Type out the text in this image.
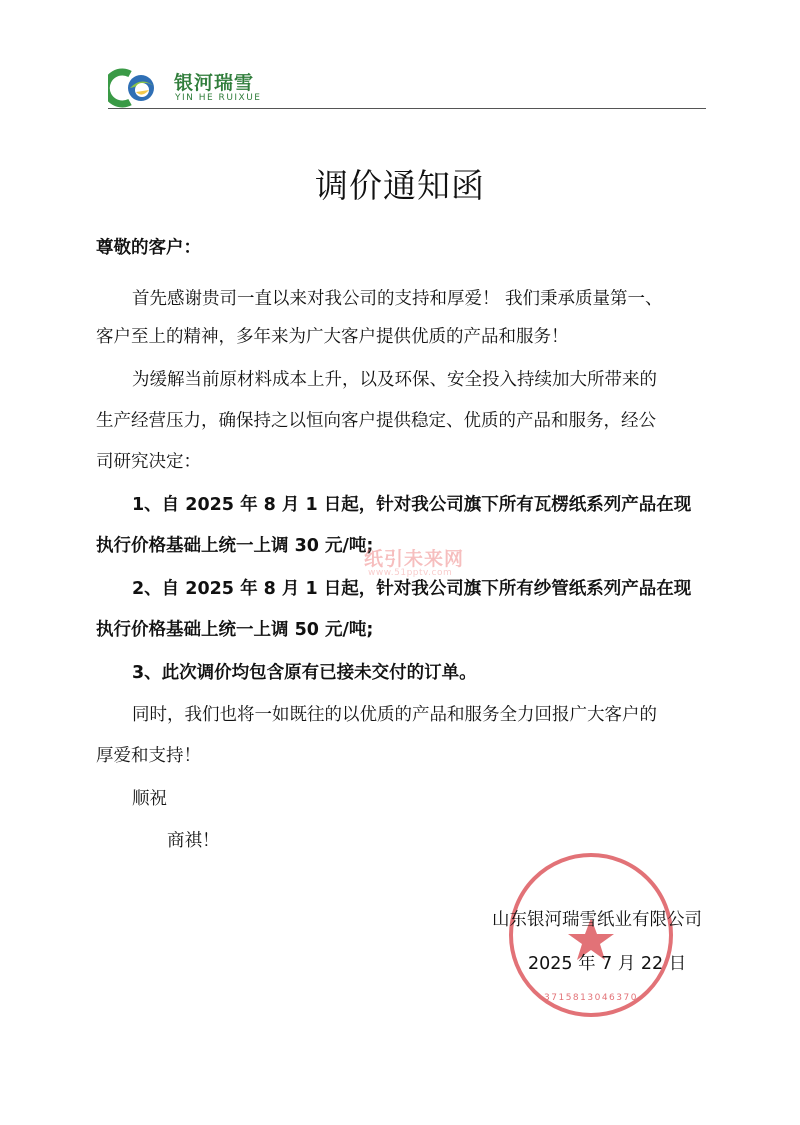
银河瑞雪
YIN HE RUIXUE
调价通知函
尊敬的客户：
首先感谢贵司一直以来对我公司的支持和厚爱！ 我们秉承质量第一、
客户至上的精神，多年来为广大客户提供优质的产品和服务！
为缓解当前原材料成本上升，以及环保、安全投入持续加大所带来的
生产经营压力，确保持之以恒向客户提供稳定、优质的产品和服务，经公
司研究决定：
1、自 2025 年 8 月 1 日起，针对我公司旗下所有瓦楞纸系列产品在现
执行价格基础上统一上调 30 元/吨;
2、自 2025 年 8 月 1 日起，针对我公司旗下所有纱管纸系列产品在现
执行价格基础上统一上调 50 元/吨;
3、此次调价均包含原有已接未交付的订单。
同时，我们也将一如既往的以优质的产品和服务全力回报广大客户的
厚爱和支持！
顺祝
商祺！
3715813046370
纸引未来网
www.51pptv.com
山东银河瑞雪纸业有限公司
2025 年 7 月 22 日
